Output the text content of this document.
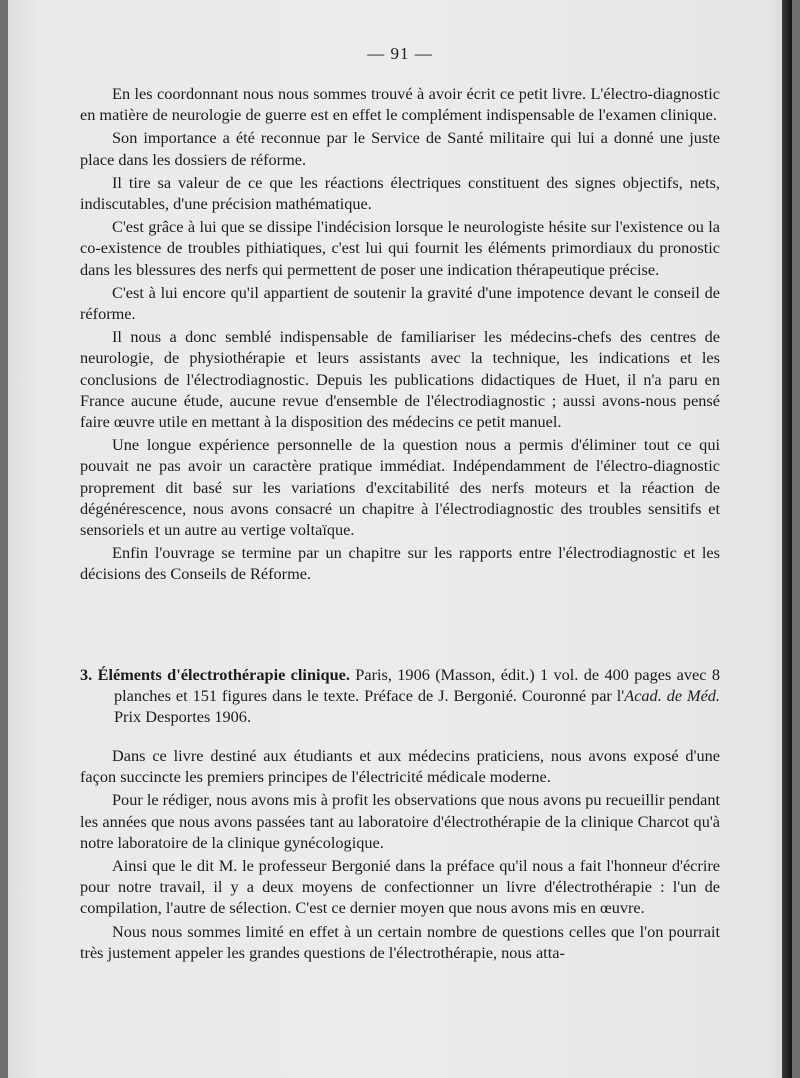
— 91 —

En les coordonnant nous nous sommes trouvé à avoir écrit ce petit livre. L'électro-diagnostic en matière de neurologie de guerre est en effet le complément indispensable de l'examen clinique.

Son importance a été reconnue par le Service de Santé militaire qui lui a donné une juste place dans les dossiers de réforme.

Il tire sa valeur de ce que les réactions électriques constituent des signes objectifs, nets, indiscutables, d'une précision mathématique.

C'est grâce à lui que se dissipe l'indécision lorsque le neurologiste hésite sur l'existence ou la co-existence de troubles pithiatiques, c'est lui qui fournit les éléments primordiaux du pronostic dans les blessures des nerfs qui permettent de poser une indication thérapeutique précise.

C'est à lui encore qu'il appartient de soutenir la gravité d'une impotence devant le conseil de réforme.

Il nous a donc semblé indispensable de familiariser les médecins-chefs des centres de neurologie, de physiothérapie et leurs assistants avec la technique, les indications et les conclusions de l'électrodiagnostic. Depuis les publications didactiques de Huet, il n'a paru en France aucune étude, aucune revue d'ensemble de l'électrodiagnostic ; aussi avons-nous pensé faire œuvre utile en mettant à la disposition des médecins ce petit manuel.

Une longue expérience personnelle de la question nous a permis d'éliminer tout ce qui pouvait ne pas avoir un caractère pratique immédiat. Indépendamment de l'électro-diagnostic proprement dit basé sur les variations d'excitabilité des nerfs moteurs et la réaction de dégénérescence, nous avons consacré un chapitre à l'électrodiagnostic des troubles sensitifs et sensoriels et un autre au vertige voltaïque.

Enfin l'ouvrage se termine par un chapitre sur les rapports entre l'électrodiagnostic et les décisions des Conseils de Réforme.

3. Éléments d'électrothérapie clinique. Paris, 1906 (Masson, édit.) 1 vol. de 400 pages avec 8 planches et 151 figures dans le texte. Préface de J. Bergonié. Couronné par l'Acad. de Méd. Prix Desportes 1906.

Dans ce livre destiné aux étudiants et aux médecins praticiens, nous avons exposé d'une façon succincte les premiers principes de l'électricité médicale moderne.

Pour le rédiger, nous avons mis à profit les observations que nous avons pu recueillir pendant les années que nous avons passées tant au laboratoire d'électrothérapie de la clinique Charcot qu'à notre laboratoire de la clinique gynécologique.

Ainsi que le dit M. le professeur Bergonié dans la préface qu'il nous a fait l'honneur d'écrire pour notre travail, il y a deux moyens de confectionner un livre d'électrothérapie : l'un de compilation, l'autre de sélection. C'est ce dernier moyen que nous avons mis en œuvre.

Nous nous sommes limité en effet à un certain nombre de questions celles que l'on pourrait très justement appeler les grandes questions de l'électrothérapie, nous atta-
